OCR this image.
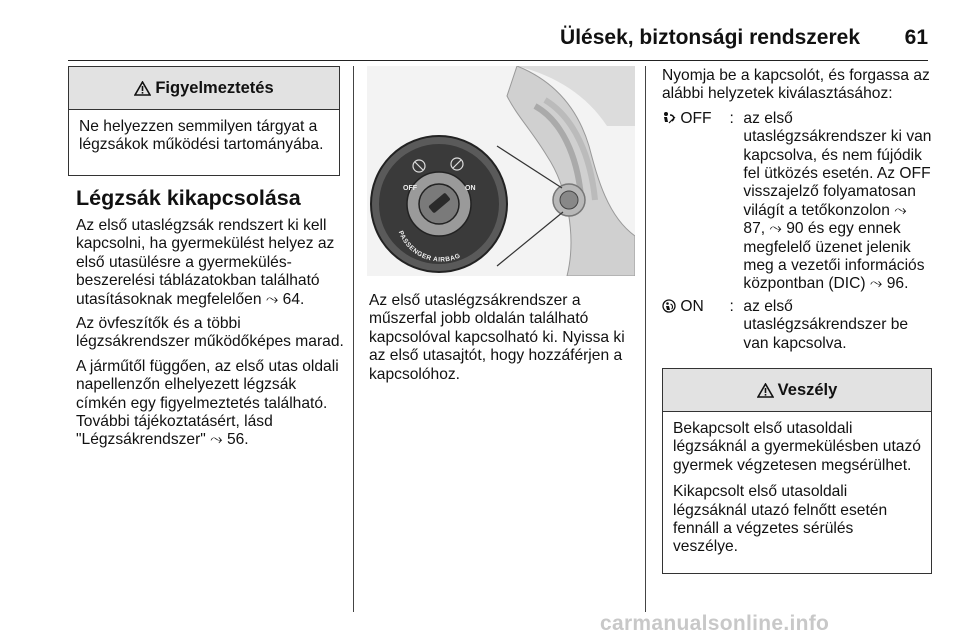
Ülések, biztonsági rendszerek	61
Figyelmeztetés

Ne helyezzen semmilyen tárgyat a légzsákok működési tartományába.

Légzsák kikapcsolása

Az első utaslégzsák rendszert ki kell kapcsolni, ha gyermekülést helyez az első utasülésre a gyermekülés-beszerelési táblázatokban található utasításoknak megfelelően ⤳ 64.

Az övfeszítők és a többi légzsákrendszer működőképes marad.

A járműtől függően, az első utas oldali napellenzőn elhelyezett légzsák címkén egy figyelmeztetés található. További tájékoztatásért, lásd "Légzsákrendszer" ⤳ 56.

OFF	ON
PASSENGER AIRBAG

Az első utaslégzsákrendszer a műszerfal jobb oldalán található kapcsolóval kapcsolható ki. Nyissa ki az első utasajtót, hogy hozzáférjen a kapcsolóhoz.

Nyomja be a kapcsolót, és forgassa az alábbi helyzetek kiválasztásához:

OFF	: az első utaslégzsákrendszer ki van kapcsolva, és nem fújódik fel ütközés esetén. Az OFF visszajelző folyamatosan világít a tetőkonzolon ⤳ 87, ⤳ 90 és egy ennek megfelelő üzenet jelenik meg a vezetői információs központban (DIC) ⤳ 96.
ON	: az első utaslégzsákrendszer be van kapcsolva.
Veszély

Bekapcsolt első utasoldali légzsáknál a gyermekülésben utazó gyermek végzetesen megsérülhet.

Kikapcsolt első utasoldali légzsáknál utazó felnőtt esetén fennáll a végzetes sérülés veszélye.

carmanualsonline.info
